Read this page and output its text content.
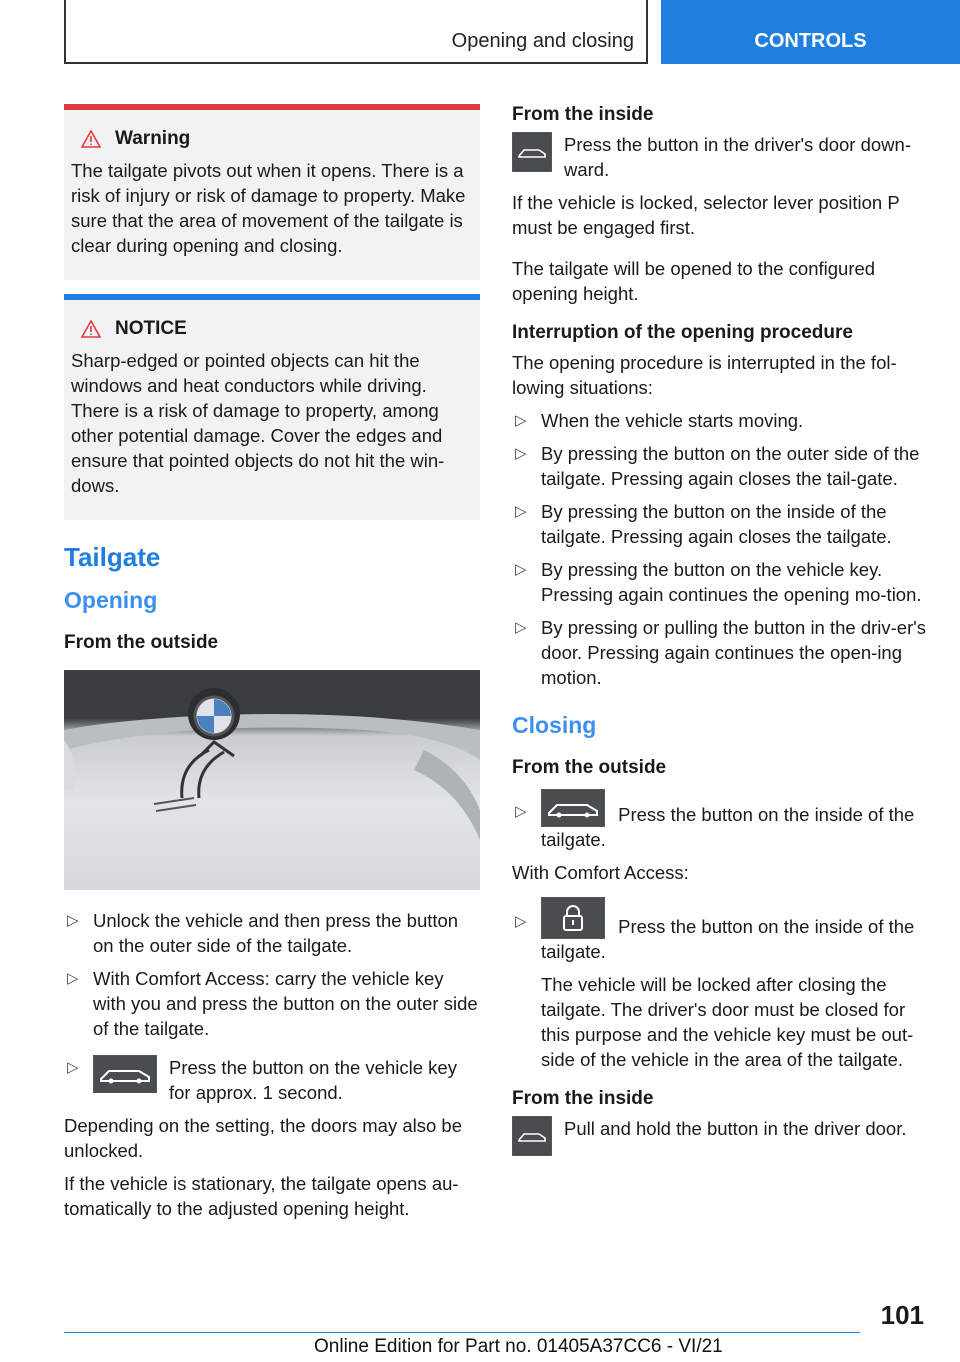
Opening and closing	CONTROLS
Warning

The tailgate pivots out when it opens. There is a risk of injury or risk of damage to property. Make sure that the area of movement of the tailgate is clear during opening and closing.

NOTICE

Sharp-edged or pointed objects can hit the windows and heat conductors while driving. There is a risk of damage to property, among other potential damage. Cover the edges and ensure that pointed objects do not hit the win-dows.

Tailgate
Opening
From the outside
▷ Unlock the vehicle and then press the button on the outer side of the tailgate.
▷ With Comfort Access: carry the vehicle key with you and press the button on the outer side of the tailgate.
▷	Press the button on the vehicle key for approx. 1 second.

Depending on the setting, the doors may also be unlocked.

If the vehicle is stationary, the tailgate opens au-tomatically to the adjusted opening height.

From the inside
Press the button in the driver's door down-ward.

If the vehicle is locked, selector lever position P must be engaged first.

The tailgate will be opened to the configured opening height.

Interruption of the opening procedure

The opening procedure is interrupted in the fol-lowing situations:

▷ When the vehicle starts moving.
▷ By pressing the button on the outer side of the tailgate. Pressing again closes the tail-gate.
▷ By pressing the button on the inside of the tailgate. Pressing again closes the tailgate.
▷ By pressing the button on the vehicle key. Pressing again continues the opening mo-tion.
▷ By pressing or pulling the button in the driv-er's door. Pressing again continues the open-ing motion.
Closing
From the outside
▷	Press the button on the inside of the tailgate.

With Comfort Access:

▷	Press the button on the inside of the tailgate.
The vehicle will be locked after closing the tailgate. The driver's door must be closed for this purpose and the vehicle key must be out-side of the vehicle in the area of the tailgate.
From the inside
Pull and hold the button in the driver door.
101
Online Edition for Part no. 01405A37CC6 - VI/21
